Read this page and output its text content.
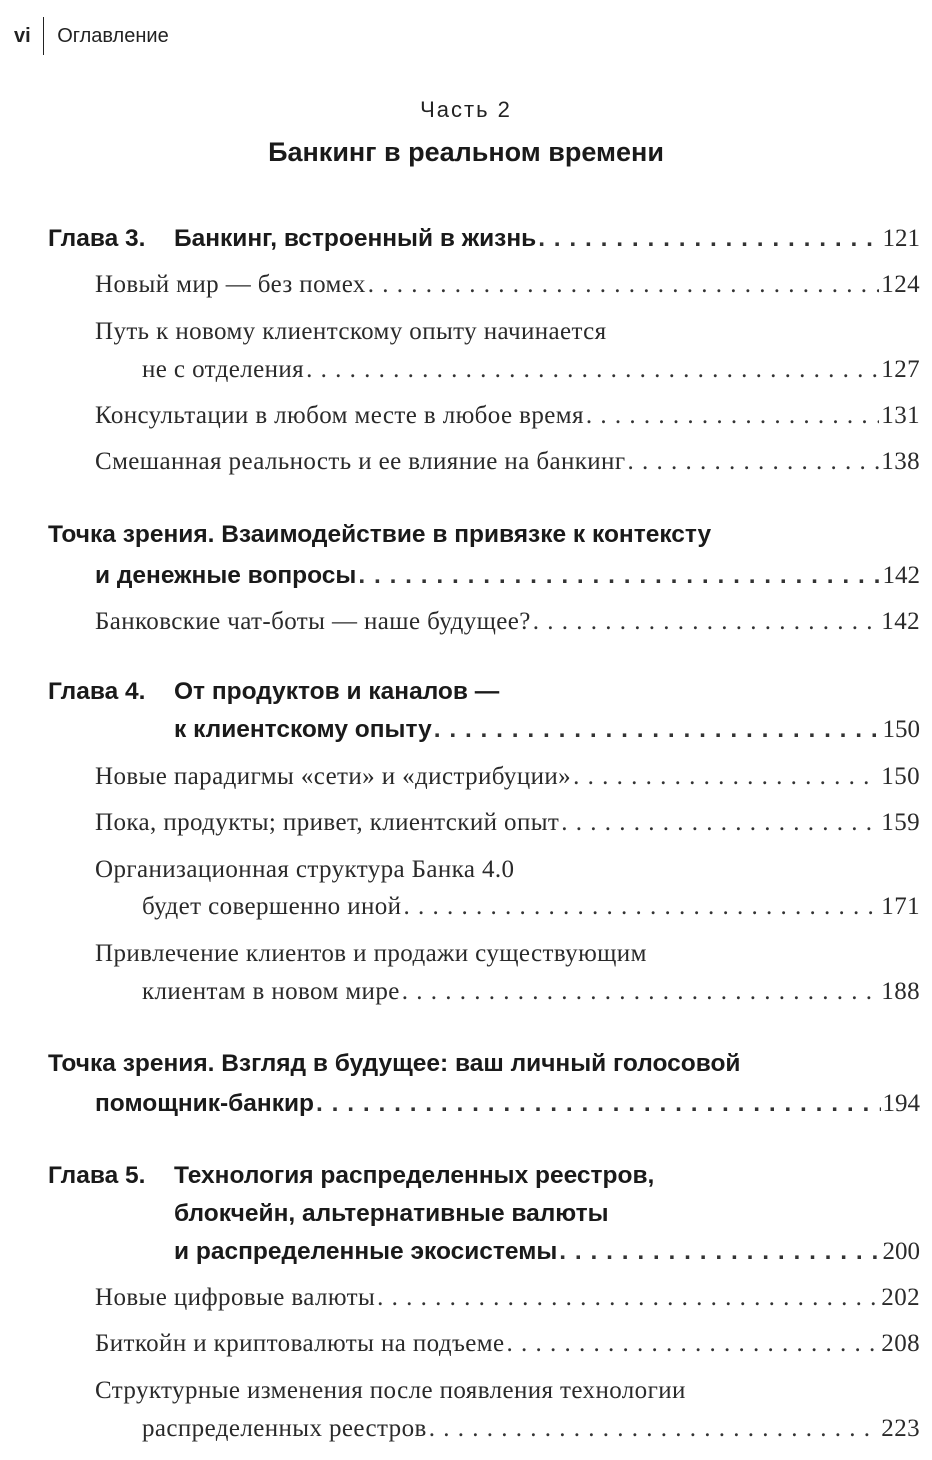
vi	Оглавление
Часть 2
Банкинг в реальном времени
Глава 3.	Банкинг, встроенный в жизнь . . .	121
Новый мир — без помех . . .	124
Путь к новому клиентскому опыту начинается
не с отделения . . .	127
Консультации в любом месте в любое время . . .	131
Смешанная реальность и ее влияние на банкинг . . .	138
Точка зрения. Взаимодействие в привязке к контексту
и денежные вопросы . . .	142
Банковские чат-боты — наше будущее? . . .	142
Глава 4. От продуктов и каналов —
к клиентскому опыту . . .	150
Новые парадигмы «сети» и «дистрибуции» . . .	150
Пока, продукты; привет, клиентский опыт . . .	159
Организационная структура Банка 4.0
будет совершенно иной . . .	171
Привлечение клиентов и продажи существующим
клиентам в новом мире . . .	188
Точка зрения. Взгляд в будущее: ваш личный голосовой
помощник-банкир . . .	194
Глава 5. Технология распределенных реестров,
блокчейн, альтернативные валюты
и распределенные экосистемы . . .	200
Новые цифровые валюты . . .	202
Биткойн и криптовалюты на подъеме . . .	208
Структурные изменения после появления технологии
распределенных реестров . . .	223
